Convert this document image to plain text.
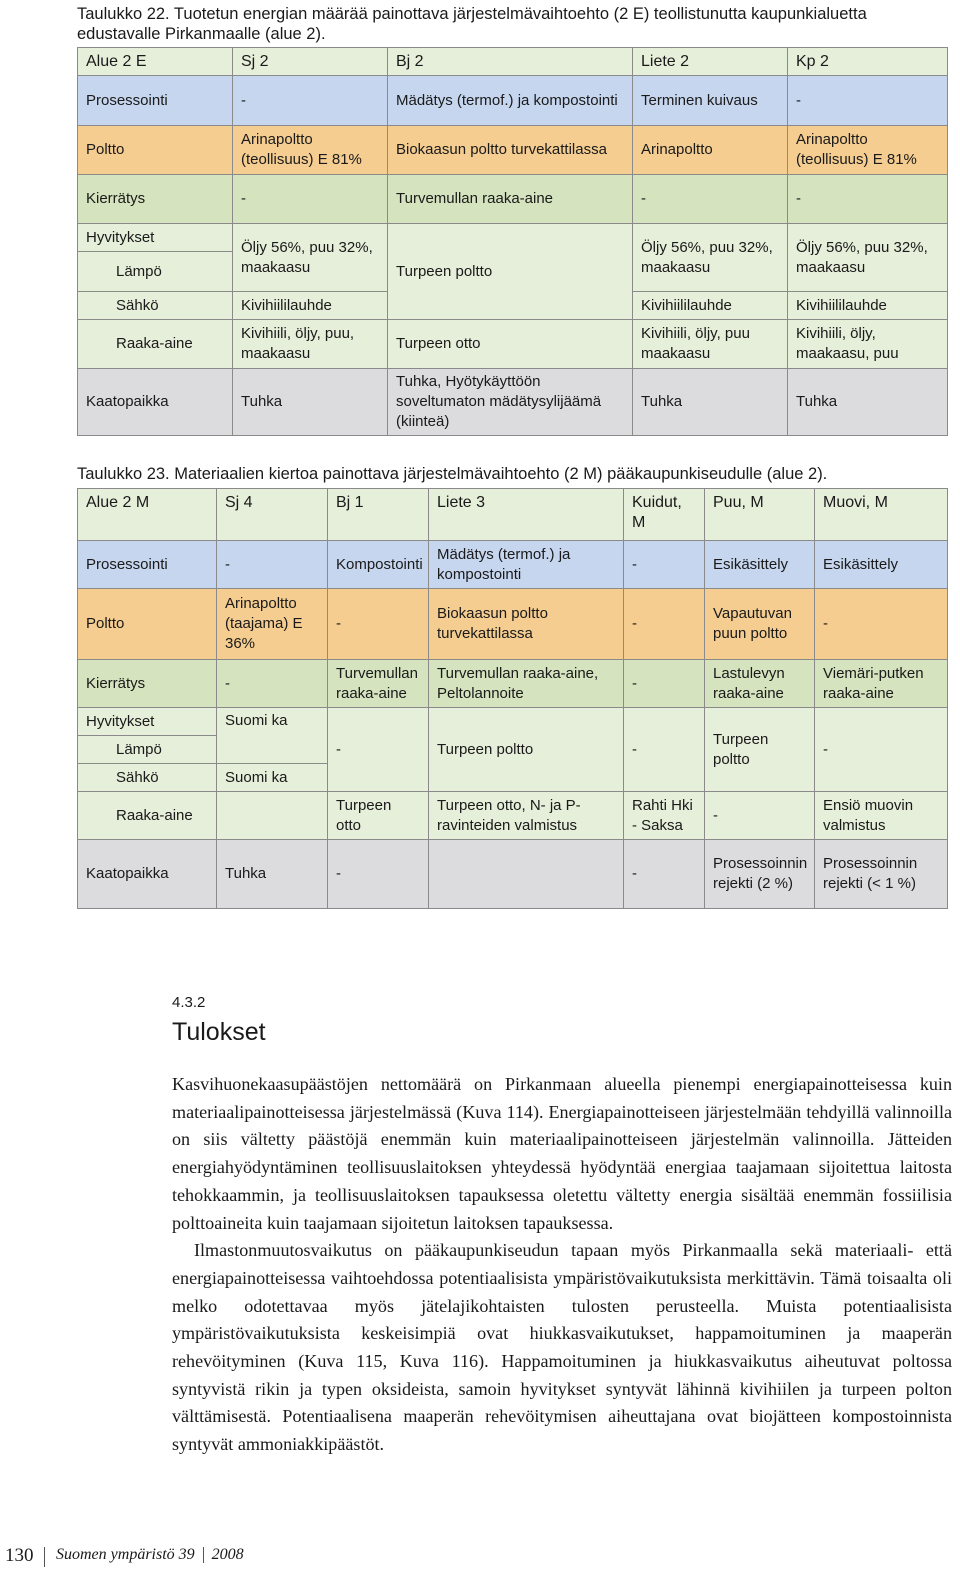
Taulukko 22. Tuotetun energian määrää painottava järjestelmävaihtoehto (2 E) teollistunutta kaupunkialuetta edustavalle Pirkanmaalle (alue 2).
Alue 2 E	Sj 2	Bj 2	Liete 2	Kp 2
Prosessointi	-	Mädätys (termof.) ja kompostointi	Terminen kuivaus	-
Poltto	Arinapoltto (teollisuus) E 81%	Biokaasun poltto turvekattilassa	Arinapoltto	Arinapoltto (teollisuus) E 81%
Kierrätys	-	Turvemullan raaka-aine	-	-
Hyvitykset	Öljy 56%, puu 32%, maakaasu	Turpeen poltto	Öljy 56%, puu 32%, maakaasu	Öljy 56%, puu 32%, maakaasu
Lämpö				
Sähkö	Kivihiililauhde		Kivihiililauhde	Kivihiililauhde
Raaka-aine	Kivihiili, öljy, puu, maakaasu	Turpeen otto	Kivihiili, öljy, puu maakaasu	Kivihiili, öljy, maakaasu, puu
Kaatopaikka	Tuhka	Tuhka, Hyötykäyttöön soveltumaton mädätysylijäämä (kiinteä)	Tuhka	Tuhka
Taulukko 23. Materiaalien kiertoa painottava järjestelmävaihtoehto (2 M) pääkaupunkiseudulle (alue 2).
Alue 2 M	Sj 4	Bj 1	Liete 3	Kuidut, M	Puu, M	Muovi, M
Prosessointi	-	Kompostointi	Mädätys (termof.) ja kompostointi	-	Esikäsittely	Esikäsittely
Poltto	Arinapoltto (taajama) E 36%	-	Biokaasun poltto turvekattilassa	-	Vapautuvan puun poltto	-
Kierrätys	-	Turvemullan raaka-aine	Turvemullan raaka-aine, Peltolannoite	-	Lastulevyn raaka-aine	Viemäri-putken raaka-aine
Hyvitykset	Suomi ka	-	Turpeen poltto	-	Turpeen poltto	-
Lämpö						
Sähkö	Suomi ka					
Raaka-aine		Turpeen otto	Turpeen otto, N- ja P-ravinteiden valmistus	Rahti Hki - Saksa	-	Ensiö muovin valmistus
Kaatopaikka	Tuhka	-		-	Prosessoinnin rejekti (2 %)	Prosessoinnin rejekti (< 1 %)
4.3.2
Tulokset

Kasvihuonekaasupäästöjen nettomäärä on Pirkanmaan alueella pienempi energiapainotteisessa kuin materiaalipainotteisessa järjestelmässä (Kuva 114). Energiapainotteiseen järjestelmään tehdyillä valinnoilla on siis vältetty päästöjä enemmän kuin materiaalipainotteiseen järjestelmän valinnoilla. Jätteiden energiahyödyntäminen teollisuuslaitoksen yhteydessä hyödyntää energiaa taajamaan sijoitettua laitosta tehokkaammin, ja teollisuuslaitoksen tapauksessa oletettu vältetty energia sisältää enemmän fossiilisia polttoaineita kuin taajamaan sijoitetun laitoksen tapauksessa.

Ilmastonmuutosvaikutus on pääkaupunkiseudun tapaan myös Pirkanmaalla sekä materiaali- että energiapainotteisessa vaihtoehdossa potentiaalisista ympäristövaikutuksista merkittävin. Tämä toisaalta oli melko odotettavaa myös jätelajikohtaisten tulosten perusteella. Muista potentiaalisista ympäristövaikutuksista keskeisimpiä ovat hiukkasvaikutukset, happamoituminen ja maaperän rehevöityminen (Kuva 115, Kuva 116). Happamoituminen ja hiukkasvaikutus aiheutuvat poltossa syntyvistä rikin ja typen oksideista, samoin hyvitykset syntyvät lähinnä kivihiilen ja turpeen polton välttämisestä. Potentiaalisena maaperän rehevöitymisen aiheuttajana ovat biojätteen kompostoinnista syntyvät ammoniakkipäästöt.

130 Suomen ympäristö 39 2008
